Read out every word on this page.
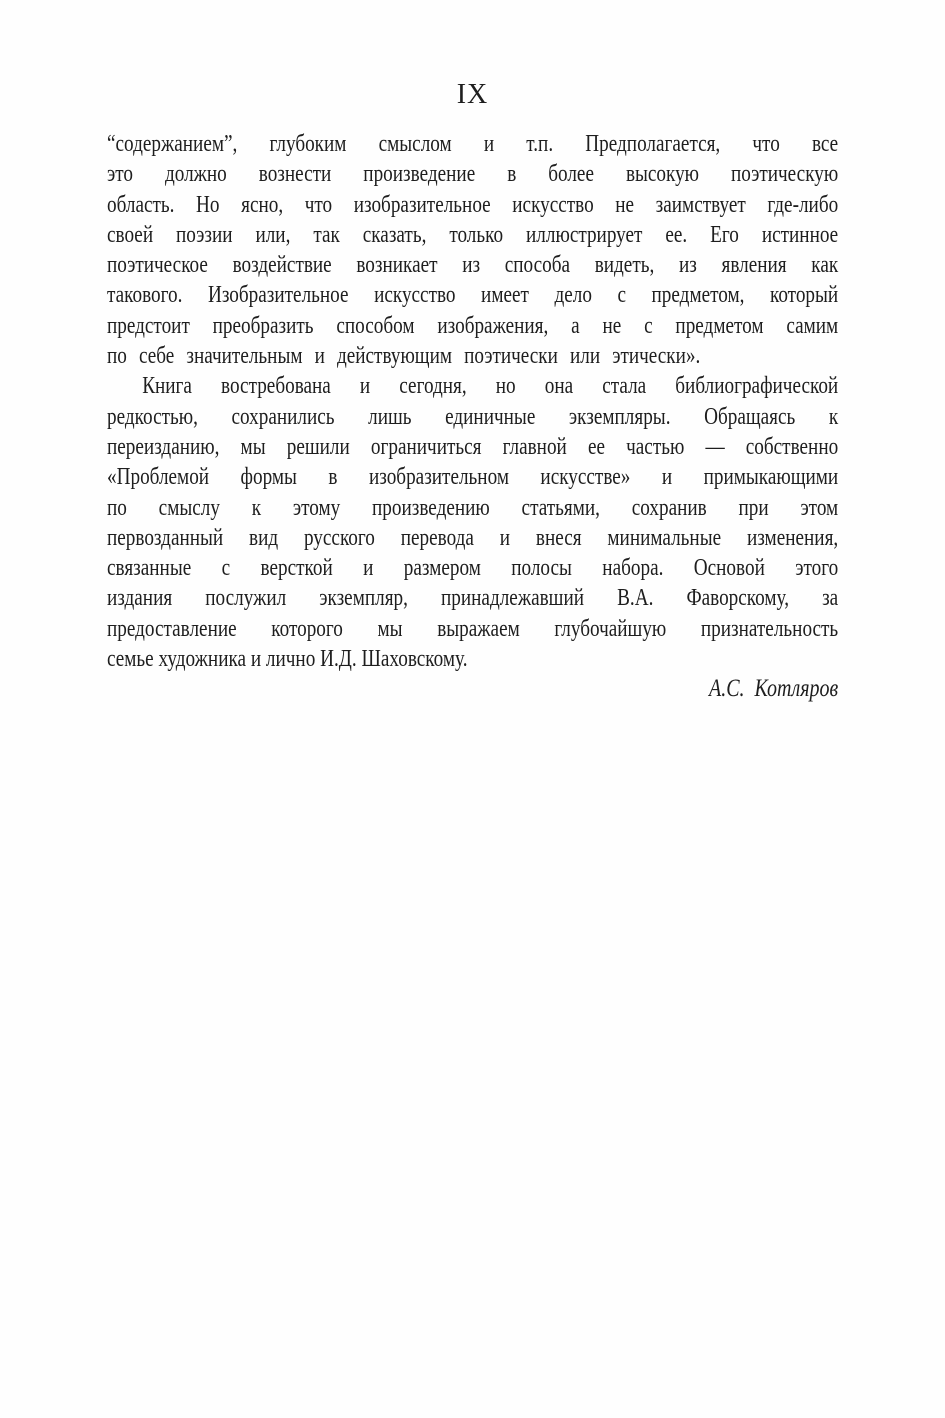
IX
“содержанием”, глубоким смыслом и т.п. Предполагается, что все
это должно вознести произведение в более высокую поэтическую
область. Но ясно, что изобразительное искусство не заимствует где-либо
своей поэзии или, так сказать, только иллюстрирует ее. Его истинное
поэтическое воздействие возникает из способа видеть, из явления как
такового. Изобразительное искусство имеет дело с предметом, который
предстоит преобразить способом изображения, а не с предметом самим
по себе значительным и действующим поэтически или этически».
Книга востребована и сегодня, но она стала библиографической
редкостью, сохранились лишь единичные экземпляры. Обращаясь к
переизданию, мы решили ограничиться главной ее частью — собственно
«Проблемой формы в изобразительном искусстве» и примыкающими
по смыслу к этому произведению статьями, сохранив при этом
первозданный вид русского перевода и внеся минимальные изменения,
связанные с версткой и размером полосы набора. Основой этого
издания послужил экземпляр, принадлежавший В.А. Фаворскому, за
предоставление которого мы выражаем глубочайшую признательность
семье художника и лично И.Д. Шаховскому.
А.С. Котляров
